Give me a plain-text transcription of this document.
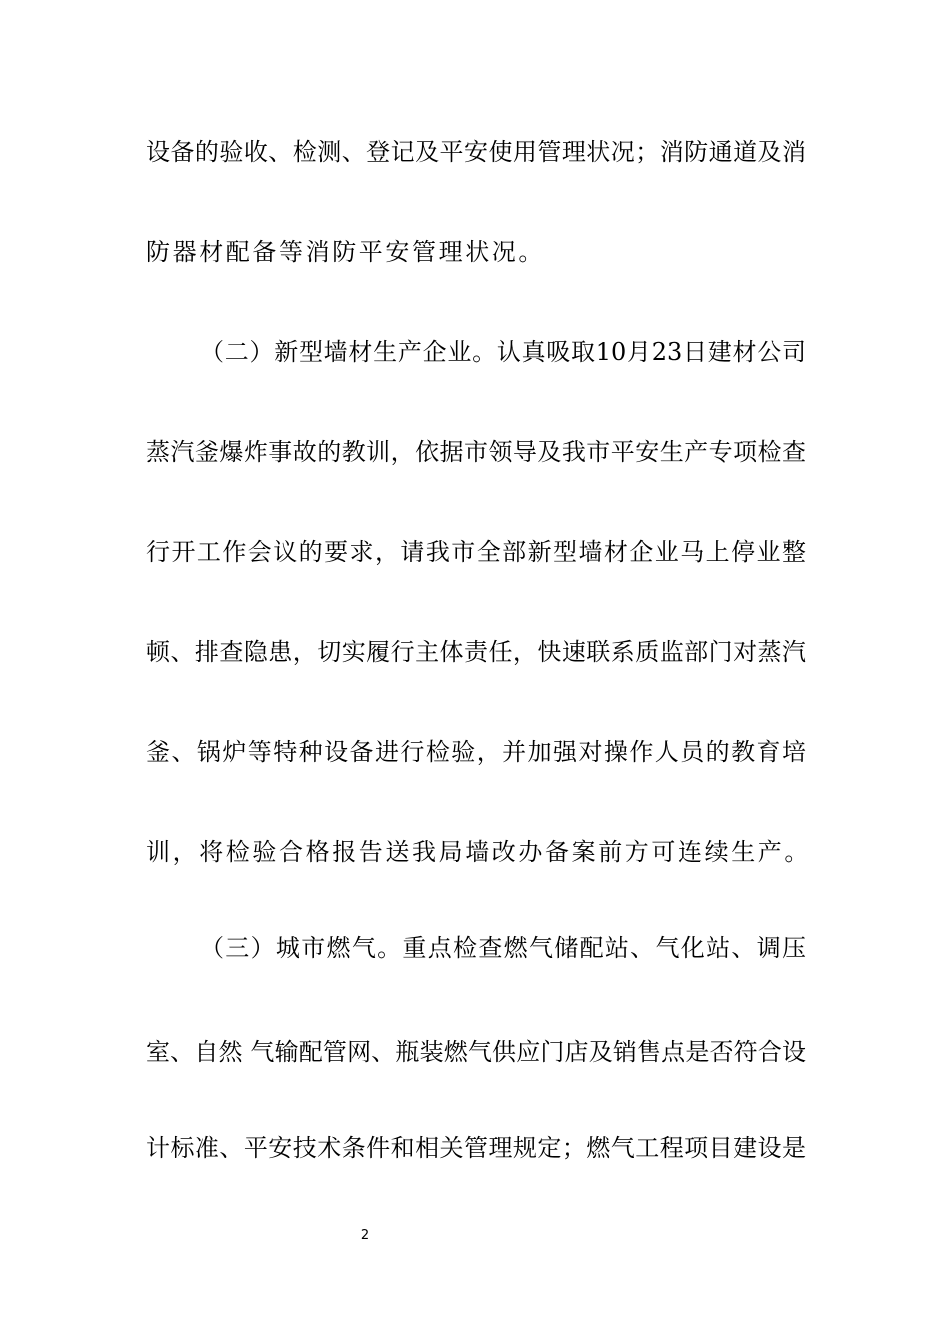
设备的验收、检测、登记及平安使用管理状况；消防通道及消
防器材配备等消防平安管理状况。
（二）新型墙材生产企业。认真吸取10月23日建材公司
蒸汽釜爆炸事故的教训，依据市领导及我市平安生产专项检查
行开工作会议的要求，请我市全部新型墙材企业马上停业整
顿、排查隐患，切实履行主体责任，快速联系质监部门对蒸汽
釜、锅炉等特种设备进行检验，并加强对操作人员的教育培
训，将检验合格报告送我局墙改办备案前方可连续生产。
（三）城市燃气。重点检查燃气储配站、气化站、调压
室、自然 气输配管网、瓶装燃气供应门店及销售点是否符合设
计标准、平安技术条件和相关管理规定；燃气工程项目建设是
2
